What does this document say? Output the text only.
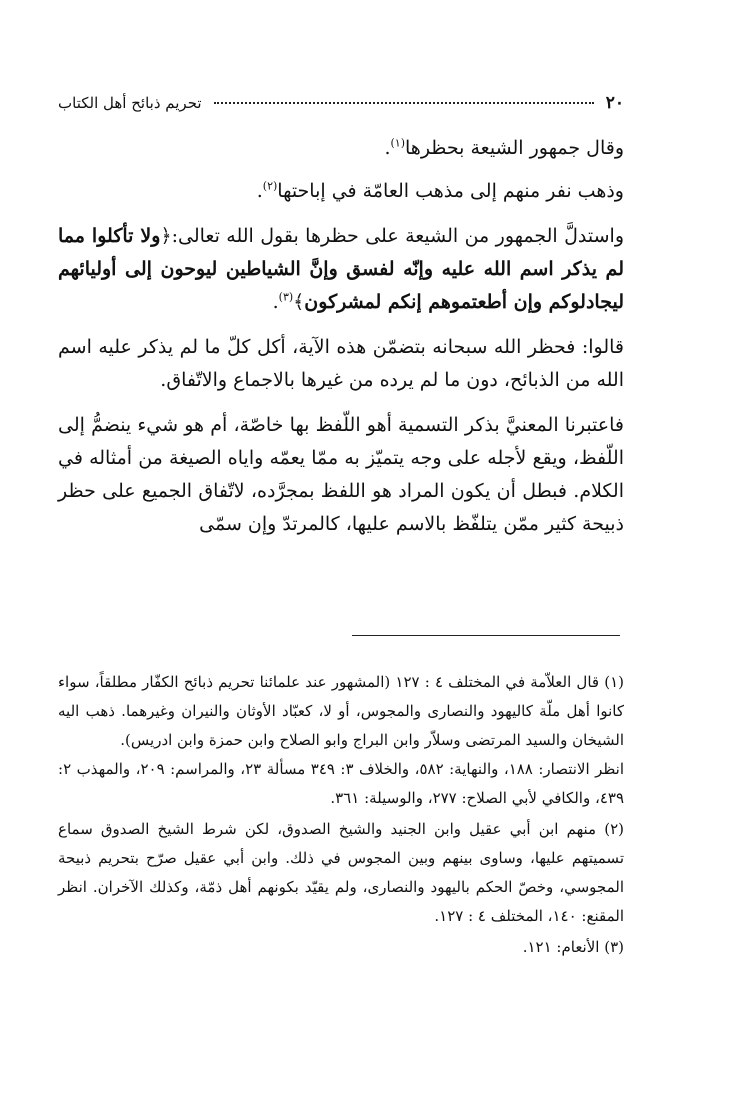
٢٠
تحريم ذبائح أهل الكتاب

وقال جمهور الشيعة بحظرها$^{(١)}$.

وذهب نفر منهم إلى مذهب العامّة في إباحتها$^{(٢)}$.

واستدلَّ الجمهور من الشيعة على حظرها بقول الله تعالى:﴿ولا تأكلوا مما لم يذكر اسم الله عليه وإنّه لفسق وإنَّ الشياطين ليوحون إلى أوليائهم ليجادلوكم وإن أطعتموهم إنكم لمشركون﴾$^{(٣)}$.

قالوا: فحظر الله سبحانه بتضمّن هذه الآية، أكل كلّ ما لم يذكر عليه اسم الله من الذبائح، دون ما لم يرده من غيرها بالاجماع والاتّفاق.

فاعتبرنا المعنيَّ بذكر التسمية أهو اللّفظ بها خاصّة، أم هو شيء ينضمُّ إلى اللّفظ، ويقع لأجله على وجه يتميّز به ممّا يعمّه واياه الصيغة من أمثاله في الكلام. فبطل أن يكون المراد هو اللفظ بمجرَّده، لاتّفاق الجميع على حظر ذبيحة كثير ممّن يتلفّظ بالاسم عليها، كالمرتدّ وإن سمّى

(١) قال العلاّمة في المختلف ٤ : ١٢٧ (المشهور عند علمائنا تحريم ذبائح الكفّار مطلقاً، سواء كانوا أهل ملّة كاليهود والنصارى والمجوس، أو لا، كعبّاد الأوثان والنيران وغيرهما. ذهب اليه الشيخان والسيد المرتضى وسلاّر وابن البراج وابو الصلاح وابن حمزة وابن ادريس).

انظر الانتصار: ١٨٨، والنهاية: ٥٨٢، والخلاف ٣: ٣٤٩ مسألة ٢٣، والمراسم: ٢٠٩، والمهذب ٢: ٤٣٩، والكافي لأبي الصلاح: ٢٧٧، والوسيلة: ٣٦١.

(٢) منهم ابن أبي عقيل وابن الجنيد والشيخ الصدوق، لكن شرط الشيخ الصدوق سماع تسميتهم عليها، وساوى بينهم وبين المجوس في ذلك. وابن أبي عقيل صرّح بتحريم ذبيحة المجوسي، وخصّ الحكم باليهود والنصارى، ولم يقيّد بكونهم أهل ذمّة، وكذلك الآخران. انظر المقنع: ١٤٠، المختلف ٤ : ١٢٧.

(٣) الأنعام: ١٢١.
